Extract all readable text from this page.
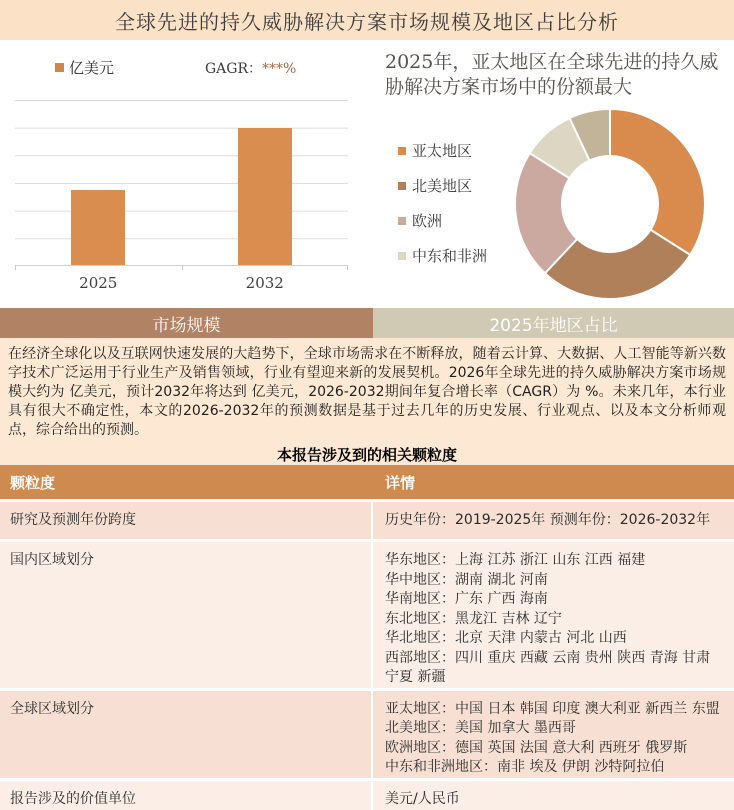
全球先进的持久威胁解决方案市场规模及地区占比分析
亿美元	GAGR：***%
2025	2032
2025年，亚太地区在全球先进的持久威胁解决方案市场中的份额最大
亚太地区
北美地区
欧洲
中东和非洲
市场规模	2025年地区占比

在经济全球化以及互联网快速发展的大趋势下，全球市场需求在不断释放，随着云计算、大数据、人工智能等新兴数字技术广泛运用于行业生产及销售领域，行业有望迎来新的发展契机。2026年全球先进的持久威胁解决方案市场规模大约为 亿美元，预计2032年将达到 亿美元，2026-2032期间年复合增长率（CAGR）为 %。未来几年，本行业具有很大不确定性，本文的2026-2032年的预测数据是基于过去几年的历史发展、行业观点、以及本文分析师观点，综合给出的预测。

本报告涉及到的相关颗粒度
颗粒度	详情
研究及预测年份跨度	历史年份：2019-2025年 预测年份：2026-2032年
国内区域划分	华东地区：上海 江苏 浙江 山东 江西 福建
华中地区：湖南 湖北 河南
华南地区：广东 广西 海南
东北地区：黑龙江 吉林 辽宁
华北地区：北京 天津 内蒙古 河北 山西
西部地区：四川 重庆 西藏 云南 贵州 陕西 青海 甘肃 宁夏 新疆
全球区域划分	亚太地区：中国 日本 韩国 印度 澳大利亚 新西兰 东盟
北美地区：美国 加拿大 墨西哥
欧洲地区：德国 英国 法国 意大利 西班牙 俄罗斯
中东和非洲地区：南非 埃及 伊朗 沙特阿拉伯
报告涉及的价值单位	美元/人民币
